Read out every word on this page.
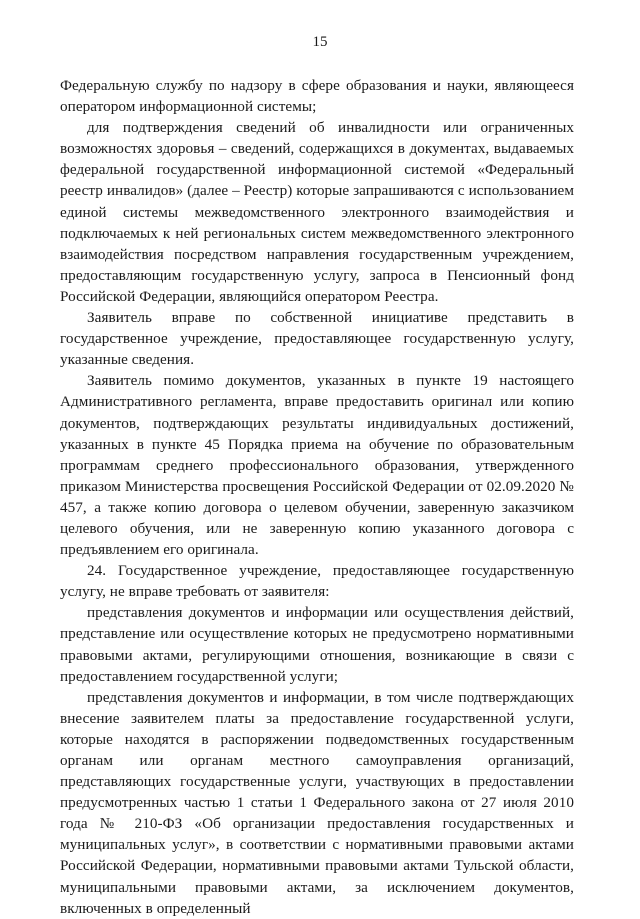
15

Федеральную службу по надзору в сфере образования и науки, являющееся оператором информационной системы;

для подтверждения сведений об инвалидности или ограниченных возможностях здоровья – сведений, содержащихся в документах, выдаваемых федеральной государственной информационной системой «Федеральный реестр инвалидов» (далее – Реестр) которые запрашиваются с использованием единой системы межведомственного электронного взаимодействия и подключаемых к ней региональных систем межведомственного электронного взаимодействия посредством направления государственным учреждением, предоставляющим государственную услугу, запроса в Пенсионный фонд Российской Федерации, являющийся оператором Реестра.

Заявитель вправе по собственной инициативе представить в государственное учреждение, предоставляющее государственную услугу, указанные сведения.

Заявитель помимо документов, указанных в пункте 19 настоящего Административного регламента, вправе предоставить оригинал или копию документов, подтверждающих результаты индивидуальных достижений, указанных в пункте 45 Порядка приема на обучение по образовательным программам среднего профессионального образования, утвержденного приказом Министерства просвещения Российской Федерации от 02.09.2020 № 457, а также копию договора о целевом обучении, заверенную заказчиком целевого обучения, или не заверенную копию указанного договора с предъявлением его оригинала.

24. Государственное учреждение, предоставляющее государственную услугу, не вправе требовать от заявителя:

представления документов и информации или осуществления действий, представление или осуществление которых не предусмотрено нормативными правовыми актами, регулирующими отношения, возникающие в связи с предоставлением государственной услуги;

представления документов и информации, в том числе подтверждающих внесение заявителем платы за предоставление государственной услуги, которые находятся в распоряжении подведомственных государственным органам или органам местного самоуправления организаций, представляющих государственные услуги, участвующих в предоставлении предусмотренных частью 1 статьи 1 Федерального закона от 27 июля 2010 года № 210-ФЗ «Об организации предоставления государственных и муниципальных услуг», в соответствии с нормативными правовыми актами Российской Федерации, нормативными правовыми актами Тульской области, муниципальными правовыми актами, за исключением документов, включенных в определенный
